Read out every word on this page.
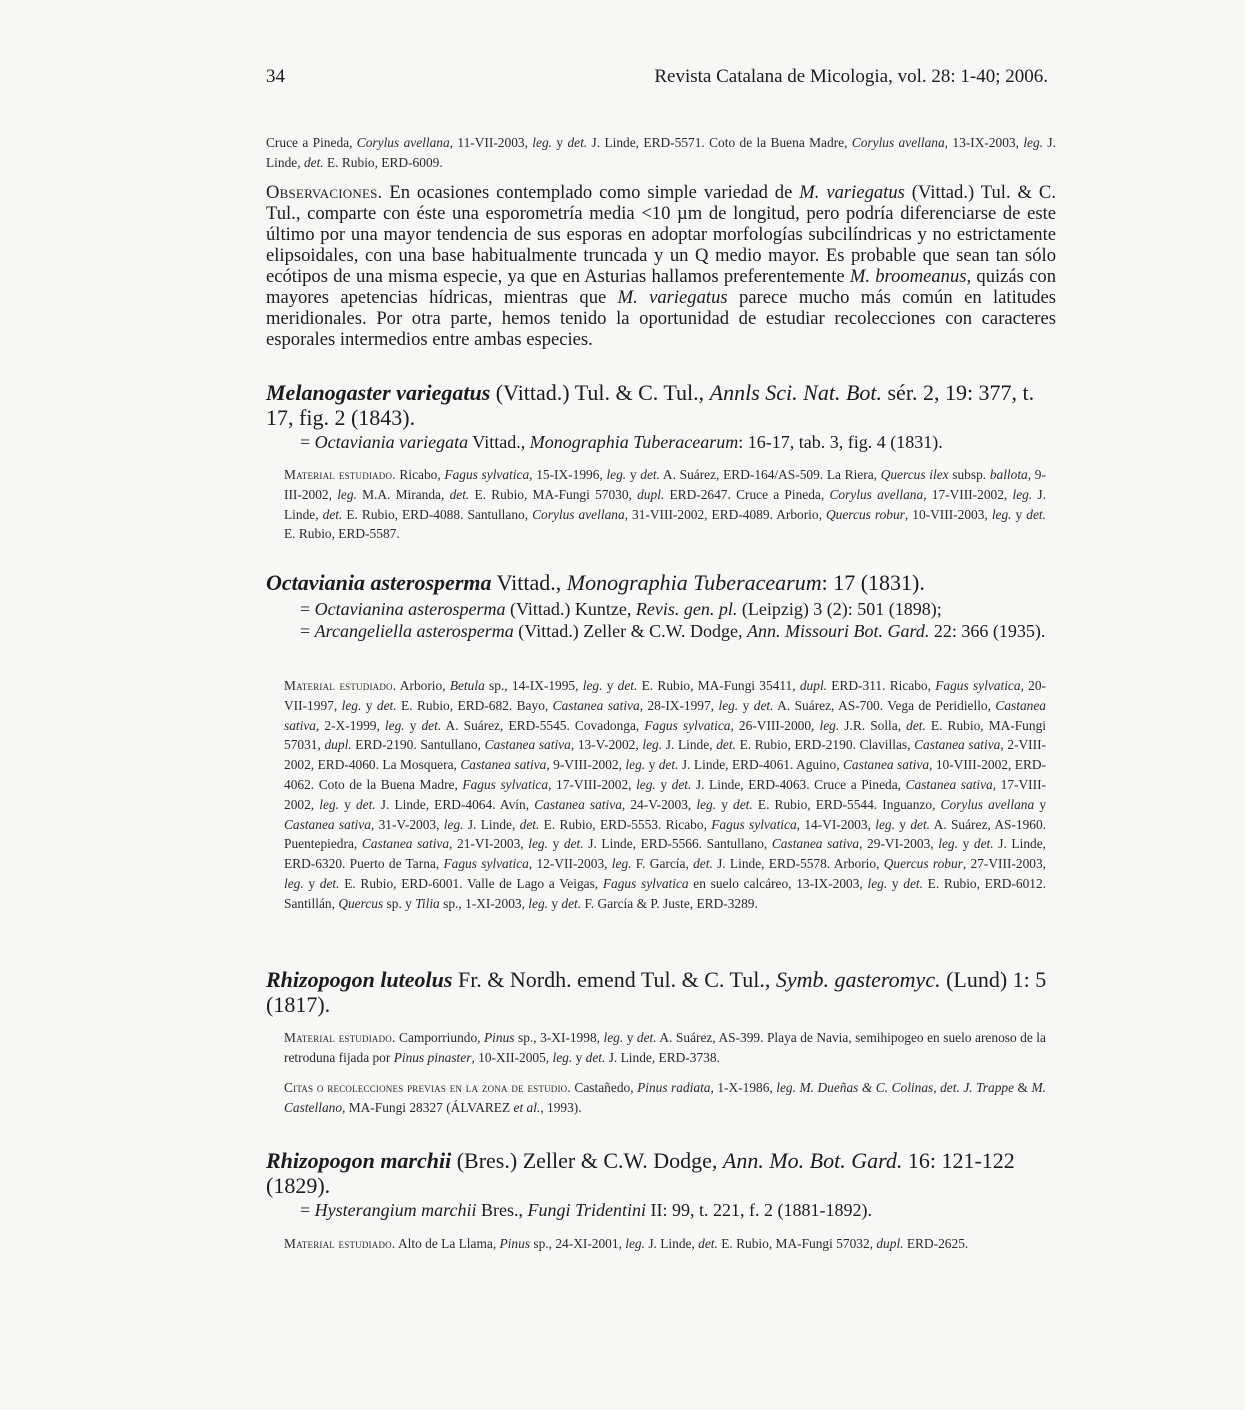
34	Revista Catalana de Micologia, vol. 28: 1-40; 2006.
Cruce a Pineda, Corylus avellana, 11-VII-2003, leg. y det. J. Linde, ERD-5571. Coto de la Buena Madre, Corylus avellana, 13-IX-2003, leg. J. Linde, det. E. Rubio, ERD-6009.
Observaciones. En ocasiones contemplado como simple variedad de M. variegatus (Vittad.) Tul. & C. Tul., comparte con éste una esporometría media <10 µm de longitud, pero podría diferenciarse de este último por una mayor tendencia de sus esporas en adoptar morfologías subcilíndricas y no estrictamente elipsoidales, con una base habitualmente truncada y un Q medio mayor. Es probable que sean tan sólo ecótipos de una misma especie, ya que en Asturias hallamos preferentemente M. broomeanus, quizás con mayores apetencias hídricas, mientras que M. variegatus parece mucho más común en latitudes meridionales. Por otra parte, hemos tenido la oportunidad de estudiar recolecciones con caracteres esporales intermedios entre ambas especies.
Melanogaster variegatus (Vittad.) Tul. & C. Tul., Annls Sci. Nat. Bot. sér. 2, 19: 377, t. 17, fig. 2 (1843).
= Octaviania variegata Vittad., Monographia Tuberacearum: 16-17, tab. 3, fig. 4 (1831).
Material estudiado. Ricabo, Fagus sylvatica, 15-IX-1996, leg. y det. A. Suárez, ERD-164/AS-509. La Riera, Quercus ilex subsp. ballota, 9-III-2002, leg. M.A. Miranda, det. E. Rubio, MA-Fungi 57030, dupl. ERD-2647. Cruce a Pineda, Corylus avellana, 17-VIII-2002, leg. J. Linde, det. E. Rubio, ERD-4088. Santullano, Corylus avellana, 31-VIII-2002, ERD-4089. Arborio, Quercus robur, 10-VIII-2003, leg. y det. E. Rubio, ERD-5587.
Octaviania asterosperma Vittad., Monographia Tuberacearum: 17 (1831).
= Octavianina asterosperma (Vittad.) Kuntze, Revis. gen. pl. (Leipzig) 3 (2): 501 (1898);
= Arcangeliella asterosperma (Vittad.) Zeller & C.W. Dodge, Ann. Missouri Bot. Gard. 22: 366 (1935).
Material estudiado. Arborio, Betula sp., 14-IX-1995, leg. y det. E. Rubio, MA-Fungi 35411, dupl. ERD-311. Ricabo, Fagus sylvatica, 20-VII-1997, leg. y det. E. Rubio, ERD-682. Bayo, Castanea sativa, 28-IX-1997, leg. y det. A. Suárez, AS-700. Vega de Peridiello, Castanea sativa, 2-X-1999, leg. y det. A. Suárez, ERD-5545. Covadonga, Fagus sylvatica, 26-VIII-2000, leg. J.R. Solla, det. E. Rubio, MA-Fungi 57031, dupl. ERD-2190. Santullano, Castanea sativa, 13-V-2002, leg. J. Linde, det. E. Rubio, ERD-2190. Clavillas, Castanea sativa, 2-VIII-2002, ERD-4060. La Mosquera, Castanea sativa, 9-VIII-2002, leg. y det. J. Linde, ERD-4061. Aguino, Castanea sativa, 10-VIII-2002, ERD-4062. Coto de la Buena Madre, Fagus sylvatica, 17-VIII-2002, leg. y det. J. Linde, ERD-4063. Cruce a Pineda, Castanea sativa, 17-VIII-2002, leg. y det. J. Linde, ERD-4064. Avín, Castanea sativa, 24-V-2003, leg. y det. E. Rubio, ERD-5544. Inguanzo, Corylus avellana y Castanea sativa, 31-V-2003, leg. J. Linde, det. E. Rubio, ERD-5553. Ricabo, Fagus sylvatica, 14-VI-2003, leg. y det. A. Suárez, AS-1960. Puentepiedra, Castanea sativa, 21-VI-2003, leg. y det. J. Linde, ERD-5566. Santullano, Castanea sativa, 29-VI-2003, leg. y det. J. Linde, ERD-6320. Puerto de Tarna, Fagus sylvatica, 12-VII-2003, leg. F. García, det. J. Linde, ERD-5578. Arborio, Quercus robur, 27-VIII-2003, leg. y det. E. Rubio, ERD-6001. Valle de Lago a Veigas, Fagus sylvatica en suelo calcáreo, 13-IX-2003, leg. y det. E. Rubio, ERD-6012. Santillán, Quercus sp. y Tilia sp., 1-XI-2003, leg. y det. F. García & P. Juste, ERD-3289.
Rhizopogon luteolus Fr. & Nordh. emend Tul. & C. Tul., Symb. gasteromyc. (Lund) 1: 5 (1817).
Material estudiado. Camporriundo, Pinus sp., 3-XI-1998, leg. y det. A. Suárez, AS-399. Playa de Navia, semihipogeo en suelo arenoso de la retroduna fijada por Pinus pinaster, 10-XII-2005, leg. y det. J. Linde, ERD-3738.
Citas o recolecciones previas en la zona de estudio. Castañedo, Pinus radiata, 1-X-1986, leg. M. Dueñas & C. Colinas, det. J. Trappe & M. Castellano, MA-Fungi 28327 (ÁLVAREZ et al., 1993).
Rhizopogon marchii (Bres.) Zeller & C.W. Dodge, Ann. Mo. Bot. Gard. 16: 121-122 (1829).
= Hysterangium marchii Bres., Fungi Tridentini II: 99, t. 221, f. 2 (1881-1892).
Material estudiado. Alto de La Llama, Pinus sp., 24-XI-2001, leg. J. Linde, det. E. Rubio, MA-Fungi 57032, dupl. ERD-2625.
